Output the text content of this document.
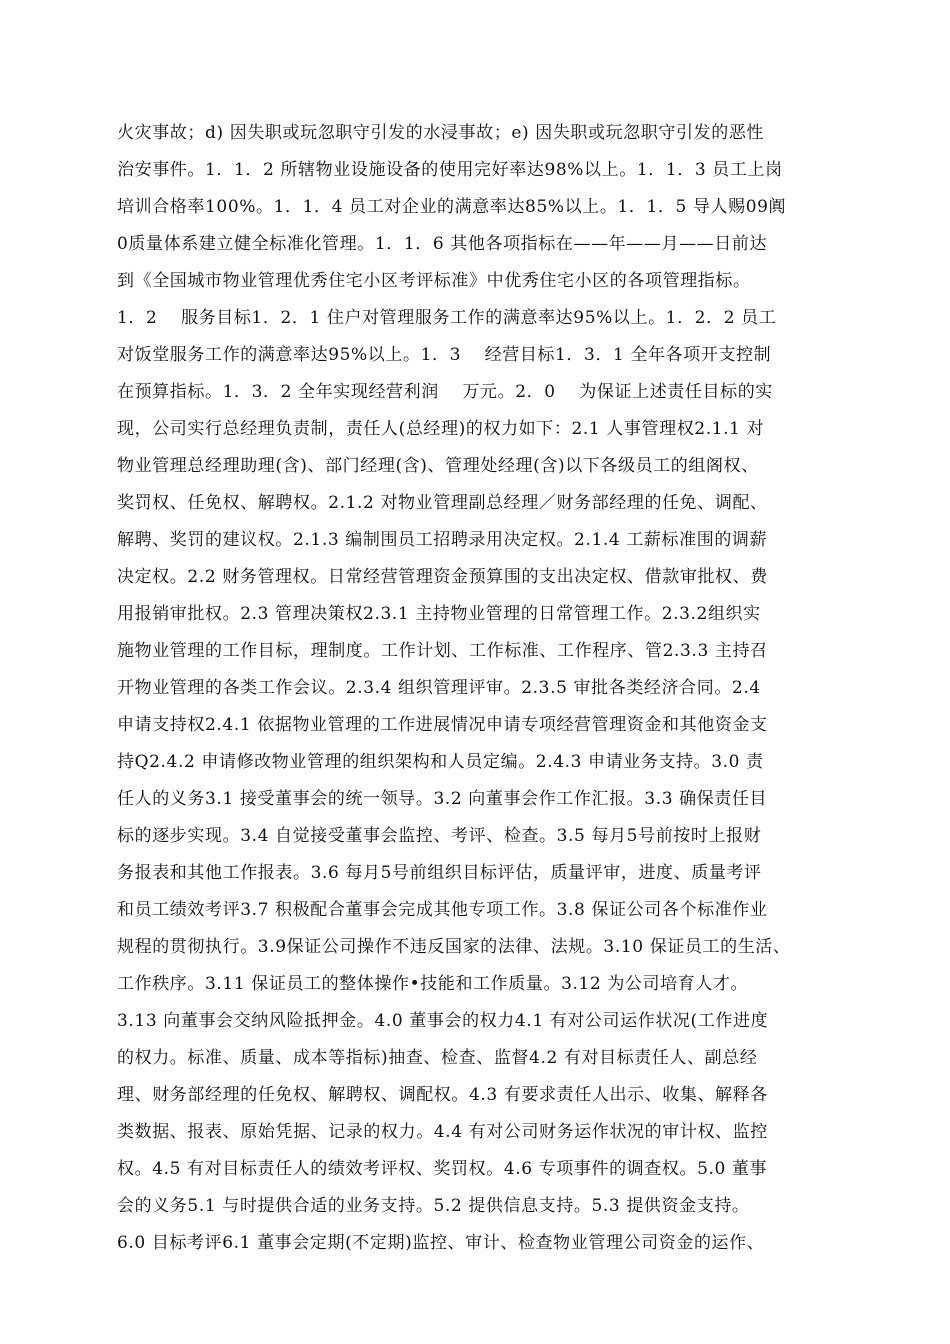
火灾事故；d) 因失职或玩忽职守引发的水浸事故；e) 因失职或玩忽职守引发的恶性
治安事件。1．1．2 所辖物业设施设备的使用完好率达98%以上。1．1．3 员工上岗
培训合格率100%。1．1．4 员工对企业的满意率达85%以上。1．1．5 导人赐09阗
0质量体系建立健全标准化管理。1．1．6 其他各项指标在——年——月——日前达
到《全国城市物业管理优秀住宅小区考评标准》中优秀住宅小区的各项管理指标。
1．2　 服务目标1．2．1 住户对管理服务工作的满意率达95%以上。1．2．2 员工
对饭堂服务工作的满意率达95%以上。1．3　 经营目标1．3．1 全年各项开支控制
在预算指标。1．3．2 全年实现经营利润　 万元。2．0　 为保证上述责任目标的实
现，公司实行总经理负责制，责任人(总经理)的权力如下：2.1 人事管理权2.1.1 对
物业管理总经理助理(含)、部门经理(含)、管理处经理(含)以下各级员工的组阁权、
奖罚权、任免权、解聘权。2.1.2 对物业管理副总经理／财务部经理的任免、调配、
解聘、奖罚的建议权。2.1.3 编制围员工招聘录用决定权。2.1.4 工薪标准围的调薪
决定权。2.2 财务管理权。日常经营管理资金预算围的支出决定权、借款审批权、费
用报销审批权。2.3 管理决策权2.3.1 主持物业管理的日常管理工作。2.3.2组织实
施物业管理的工作目标，理制度。工作计划、工作标准、工作程序、管2.3.3 主持召
开物业管理的各类工作会议。2.3.4 组织管理评审。2.3.5 审批各类经济合同。2.4
申请支持权2.4.1 依据物业管理的工作进展情况申请专项经营管理资金和其他资金支
持Q2.4.2 申请修改物业管理的组织架构和人员定编。2.4.3 申请业务支持。3.0 责
任人的义务3.1 接受董事会的统一领导。3.2 向董事会作工作汇报。3.3 确保责任目
标的逐步实现。3.4 自觉接受董事会监控、考评、检查。3.5 每月5号前按时上报财
务报表和其他工作报表。3.6 每月5号前组织目标评估，质量评审，进度、质量考评
和员工绩效考评3.7 积极配合董事会完成其他专项工作。3.8 保证公司各个标准作业
规程的贯彻执行。3.9保证公司操作不违反国家的法律、法规。3.10 保证员工的生活、
工作秩序。3.11 保证员工的整体操作•技能和工作质量。3.12 为公司培育人才。
3.13 向董事会交纳风险抵押金。4.0 董事会的权力4.1 有对公司运作状况(工作进度
的权力。标准、质量、成本等指标)抽查、检查、监督4.2 有对目标责任人、副总经
理、财务部经理的任免权、解聘权、调配权。4.3 有要求责任人出示、收集、解释各
类数据、报表、原始凭据、记录的权力。4.4 有对公司财务运作状况的审计权、监控
权。4.5 有对目标责任人的绩效考评权、奖罚权。4.6 专项事件的调查权。5.0 董事
会的义务5.1 与时提供合适的业务支持。5.2 提供信息支持。5.3 提供资金支持。
6.0 目标考评6.1 董事会定期(不定期)监控、审计、检查物业管理公司资金的运作、
